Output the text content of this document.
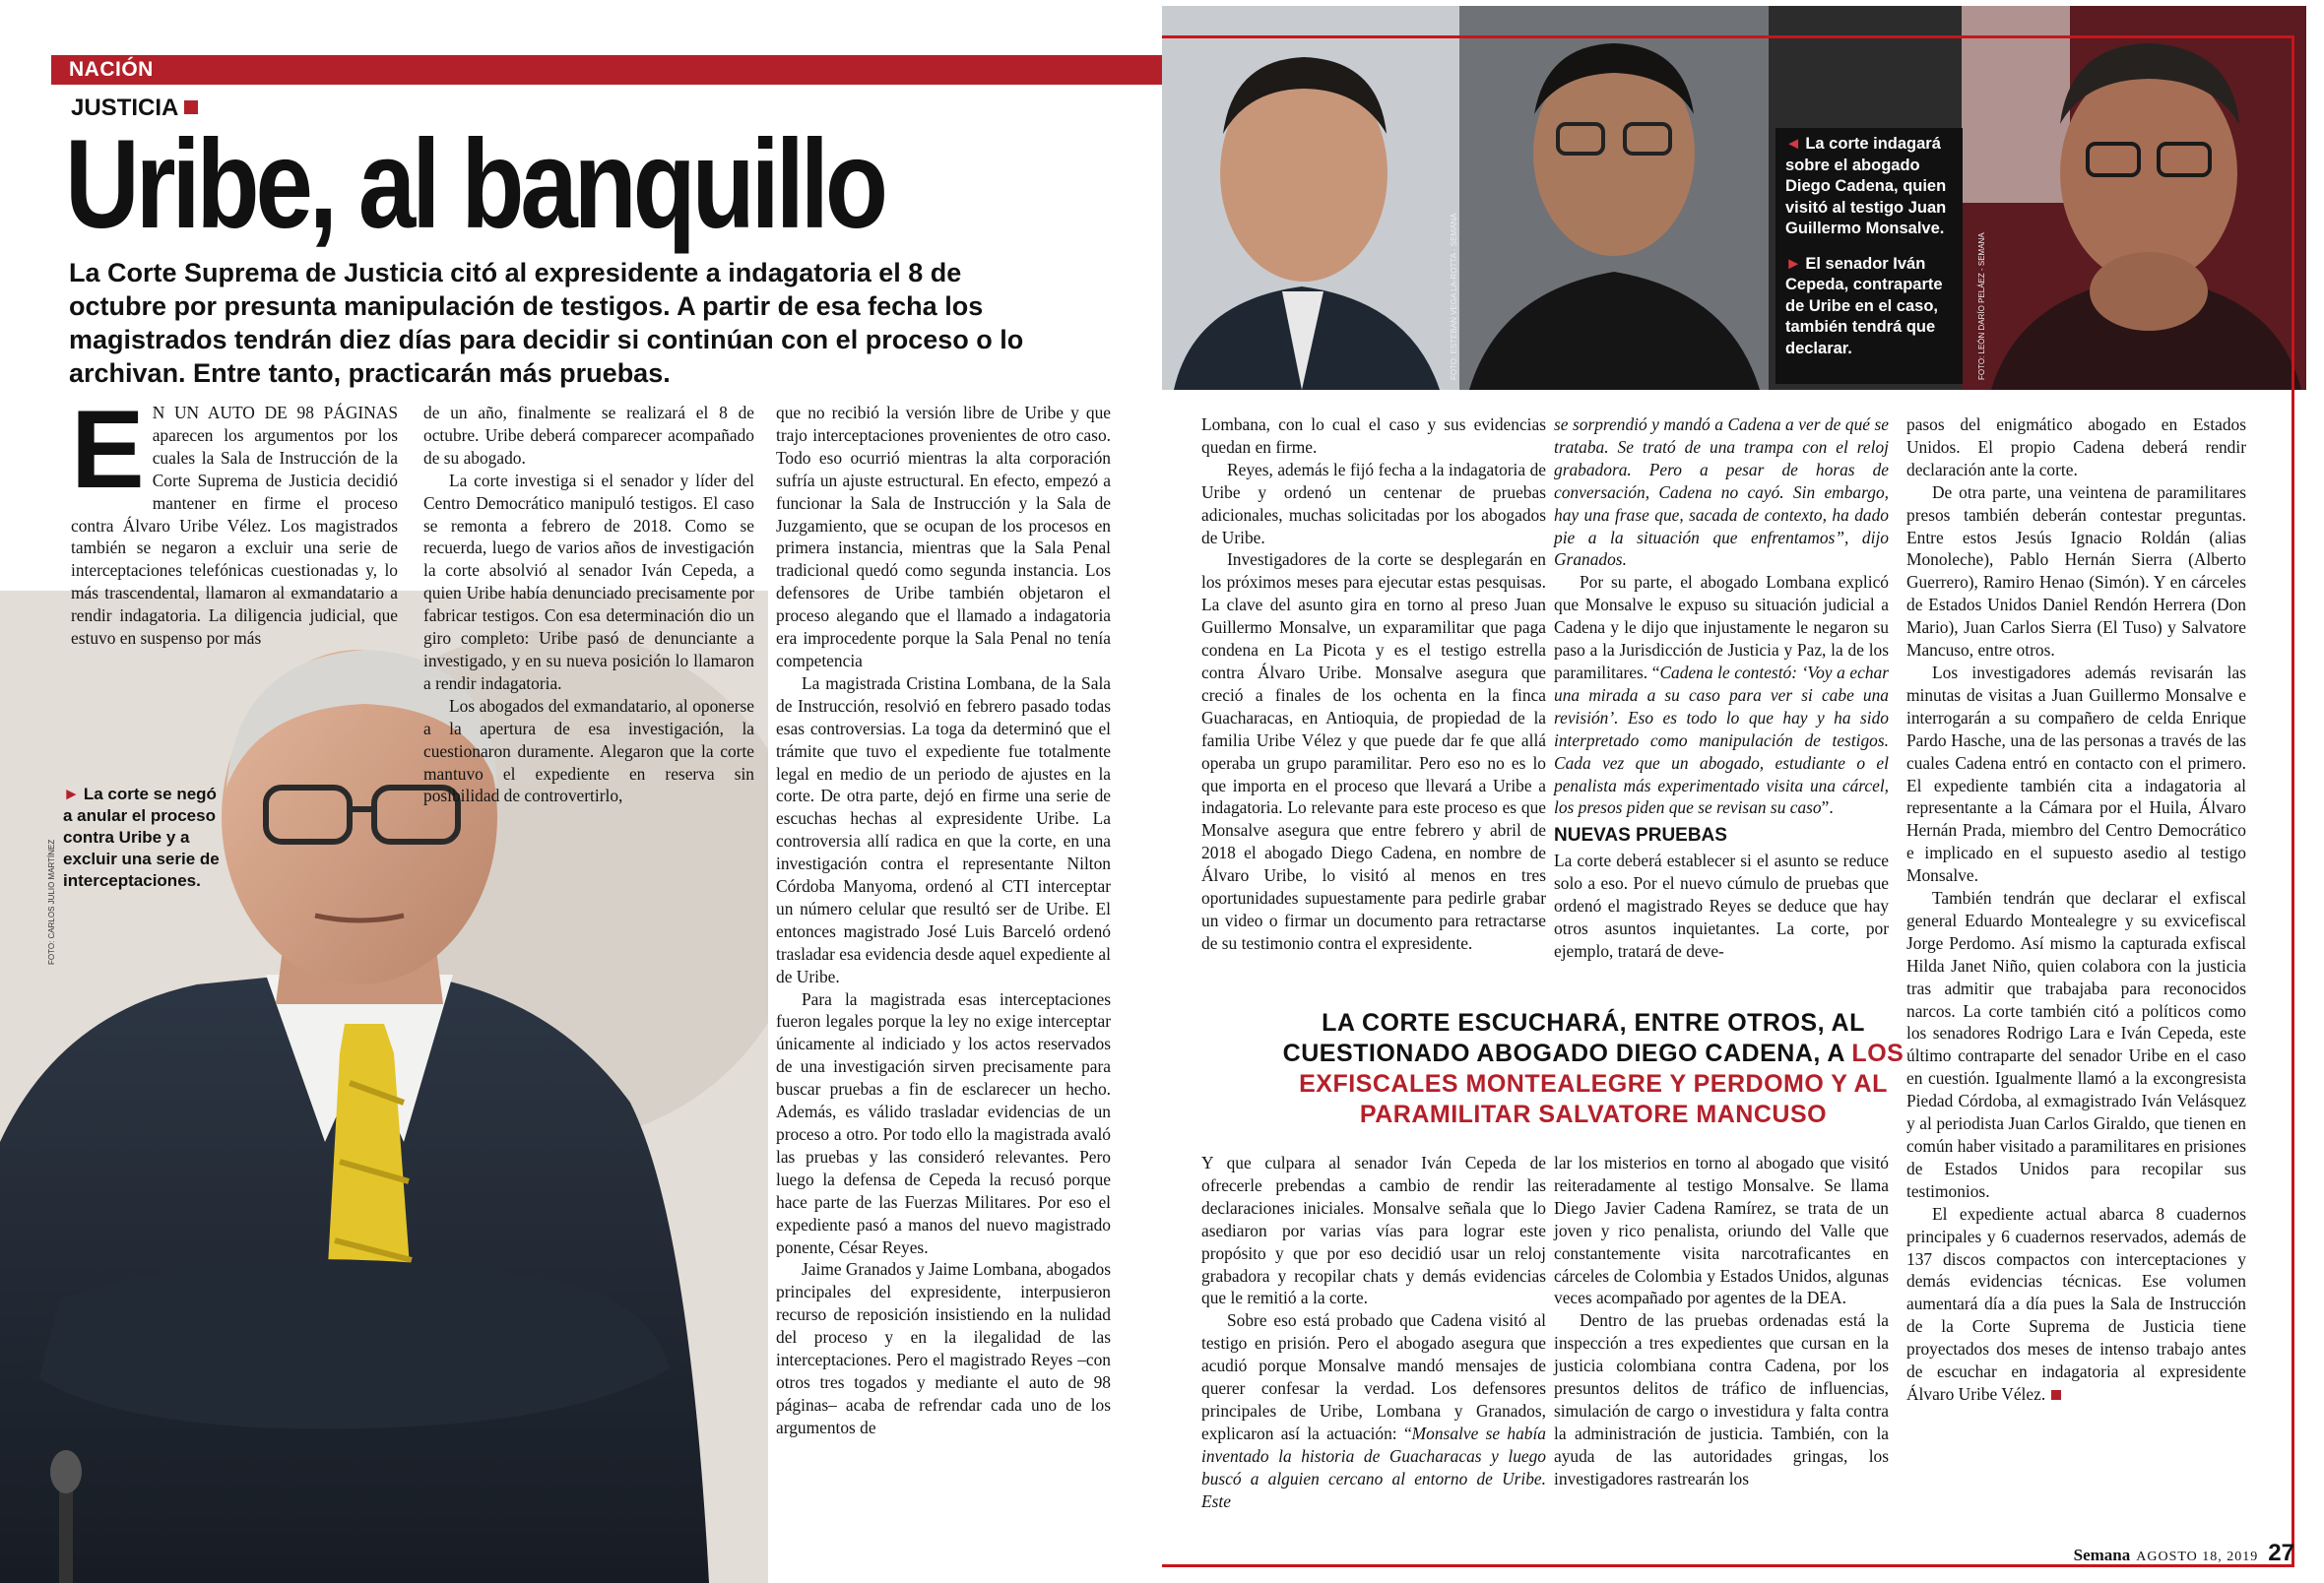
NACIÓN
JUSTICIA
Uribe, al banquillo
La Corte Suprema de Justicia citó al expresidente a indagatoria el 8 de octubre por presunta manipulación de testigos. A partir de esa fecha los magistrados tendrán diez días para decidir si continúan con el proceso o lo archivan. Entre tanto, practicarán más pruebas.
► La corte se negó a anular el proceso contra Uribe y a excluir una serie de interceptaciones.
FOTO: CARLOS JULIO MARTÍNEZ

E N UN AUTO DE 98 PÁGINAS aparecen los argumentos por los cuales la Sala de Instrucción de la Corte Suprema de Justicia decidió mantener en firme el proceso contra Álvaro Uribe Vélez. Los magistrados también se negaron a excluir una serie de interceptaciones telefónicas cuestionadas y, lo más trascendental, llamaron al exmandatario a rendir indagatoria. La diligencia judicial, que estuvo en suspenso por más

de un año, finalmente se realizará el 8 de octubre. Uribe deberá comparecer acompañado de su abogado.

La corte investiga si el senador y líder del Centro Democrático manipuló testigos. El caso se remonta a febrero de 2018. Como se recuerda, luego de varios años de investigación la corte absolvió al senador Iván Cepeda, a quien Uribe había denunciado precisamente por fabricar testigos. Con esa determinación dio un giro completo: Uribe pasó de denunciante a investigado, y en su nueva posición lo llamaron a rendir indagatoria.

Los abogados del exmandatario, al oponerse a la apertura de esa investigación, la cuestionaron duramente. Alegaron que la corte mantuvo el expediente en reserva sin posibilidad de controvertirlo,

que no recibió la versión libre de Uribe y que trajo interceptaciones provenientes de otro caso. Todo eso ocurrió mientras la alta corporación sufría un ajuste estructural. En efecto, empezó a funcionar la Sala de Instrucción y la Sala de Juzgamiento, que se ocupan de los procesos en primera instancia, mientras que la Sala Penal tradicional quedó como segunda instancia. Los defensores de Uribe también objetaron el proceso alegando que el llamado a indagatoria era improcedente porque la Sala Penal no tenía competencia

La magistrada Cristina Lombana, de la Sala de Instrucción, resolvió en febrero pasado todas esas controversias. La toga da determinó que el trámite que tuvo el expediente fue totalmente legal en medio de un periodo de ajustes en la corte. De otra parte, dejó en firme una serie de escuchas hechas al expresidente Uribe. La controversia allí radica en que la corte, en una investigación contra el representante Nilton Córdoba Manyoma, ordenó al CTI interceptar un número celular que resultó ser de Uribe. El entonces magistrado José Luis Barceló ordenó trasladar esa evidencia desde aquel expediente al de Uribe.

Para la magistrada esas interceptaciones fueron legales porque la ley no exige interceptar únicamente al indiciado y los actos reservados de una investigación sirven precisamente para buscar pruebas a fin de esclarecer un hecho. Además, es válido trasladar evidencias de un proceso a otro. Por todo ello la magistrada avaló las pruebas y las consideró relevantes. Pero luego la defensa de Cepeda la recusó porque hace parte de las Fuerzas Militares. Por eso el expediente pasó a manos del nuevo magistrado ponente, César Reyes.

Jaime Granados y Jaime Lombana, abogados principales del expresidente, interpusieron recurso de reposición insistiendo en la nulidad del proceso y en la ilegalidad de las interceptaciones. Pero el magistrado Reyes –con otros tres togados y mediante el auto de 98 páginas– acaba de refrendar cada uno de los argumentos de

◄ La corte indagará sobre el abogado Diego Cadena, quien visitó al testigo Juan Guillermo Monsalve.

► El senador Iván Cepeda, contraparte de Uribe en el caso, también tendrá que declarar.

FOTO: ESTEBAN VEGA LA-ROTTA - SEMANA	FOTO: LEÓN DARÍO PELÁEZ - SEMANA

Lombana, con lo cual el caso y sus evidencias quedan en firme.

Reyes, además le fijó fecha a la indagatoria de Uribe y ordenó un centenar de pruebas adicionales, muchas solicitadas por los abogados de Uribe.

Investigadores de la corte se desplegarán en los próximos meses para ejecutar estas pesquisas. La clave del asunto gira en torno al preso Juan Guillermo Monsalve, un exparamilitar que paga condena en La Picota y es el testigo estrella contra Álvaro Uribe. Monsalve asegura que creció a finales de los ochenta en la finca Guacharacas, en Antioquia, de propiedad de la familia Uribe Vélez y que puede dar fe que allá operaba un grupo paramilitar. Pero eso no es lo que importa en el proceso que llevará a Uribe a indagatoria. Lo relevante para este proceso es que Monsalve asegura que entre febrero y abril de 2018 el abogado Diego Cadena, en nombre de Álvaro Uribe, lo visitó al menos en tres oportunidades supuestamente para pedirle grabar un video o firmar un documento para retractarse de su testimonio contra el expresidente.

se sorprendió y mandó a Cadena a ver de qué se trataba. Se trató de una trampa con el reloj grabadora. Pero a pesar de horas de conversación, Cadena no cayó. Sin embargo, hay una frase que, sacada de contexto, ha dado pie a la situación que enfrentamos”, dijo Granados.

Por su parte, el abogado Lombana explicó que Monsalve le expuso su situación judicial a Cadena y le dijo que injustamente le negaron su paso a la Jurisdicción de Justicia y Paz, la de los paramilitares. “Cadena le contestó: ‘Voy a echar una mirada a su caso para ver si cabe una revisión’. Eso es todo lo que hay y ha sido interpretado como manipulación de testigos. Cada vez que un abogado, estudiante o el penalista más experimentado visita una cárcel, los presos piden que se revisan su caso”.

NUEVAS PRUEBAS

La corte deberá establecer si el asunto se reduce solo a eso. Por el nuevo cúmulo de pruebas que ordenó el magistrado Reyes se deduce que hay otros asuntos inquietantes. La corte, por ejemplo, tratará de deve-

LA CORTE ESCUCHARÁ, ENTRE OTROS, AL CUESTIONADO ABOGADO DIEGO CADENA, A LOS EXFISCALES MONTEALEGRE Y PERDOMO Y AL PARAMILITAR SALVATORE MANCUSO

Y que culpara al senador Iván Cepeda de ofrecerle prebendas a cambio de rendir las declaraciones iniciales. Monsalve señala que lo asediaron por varias vías para lograr este propósito y que por eso decidió usar un reloj grabadora y recopilar chats y demás evidencias que le remitió a la corte.

Sobre eso está probado que Cadena visitó al testigo en prisión. Pero el abogado asegura que acudió porque Monsalve mandó mensajes de querer confesar la verdad. Los defensores principales de Uribe, Lombana y Granados, explicaron así la actuación: “Monsalve se había inventado la historia de Guacharacas y luego buscó a alguien cercano al entorno de Uribe. Este

lar los misterios en torno al abogado que visitó reiteradamente al testigo Monsalve. Se llama Diego Javier Cadena Ramírez, se trata de un joven y rico penalista, oriundo del Valle que constantemente visita narcotraficantes en cárceles de Colombia y Estados Unidos, algunas veces acompañado por agentes de la DEA.

Dentro de las pruebas ordenadas está la inspección a tres expedientes que cursan en la justicia colombiana contra Cadena, por los presuntos delitos de tráfico de influencias, simulación de cargo o investidura y falta contra la administración de justicia. También, con la ayuda de las autoridades gringas, los investigadores rastrearán los

pasos del enigmático abogado en Estados Unidos. El propio Cadena deberá rendir declaración ante la corte.

De otra parte, una veintena de paramilitares presos también deberán contestar preguntas. Entre estos Jesús Ignacio Roldán (alias Monoleche), Pablo Hernán Sierra (Alberto Guerrero), Ramiro Henao (Simón). Y en cárceles de Estados Unidos Daniel Rendón Herrera (Don Mario), Juan Carlos Sierra (El Tuso) y Salvatore Mancuso, entre otros.

Los investigadores además revisarán las minutas de visitas a Juan Guillermo Monsalve e interrogarán a su compañero de celda Enrique Pardo Hasche, una de las personas a través de las cuales Cadena entró en contacto con el primero. El expediente también cita a indagatoria al representante a la Cámara por el Huila, Álvaro Hernán Prada, miembro del Centro Democrático e implicado en el supuesto asedio al testigo Monsalve.

También tendrán que declarar el exfiscal general Eduardo Montealegre y su exvicefiscal Jorge Perdomo. Así mismo la capturada exfiscal Hilda Janet Niño, quien colabora con la justicia tras admitir que trabajaba para reconocidos narcos. La corte también citó a políticos como los senadores Rodrigo Lara e Iván Cepeda, este último contraparte del senador Uribe en el caso en cuestión. Igualmente llamó a la excongresista Piedad Córdoba, al exmagistrado Iván Velásquez y al periodista Juan Carlos Giraldo, que tienen en común haber visitado a paramilitares en prisiones de Estados Unidos para recopilar sus testimonios.

El expediente actual abarca 8 cuadernos principales y 6 cuadernos reservados, además de 137 discos compactos con interceptaciones y demás evidencias técnicas. Ese volumen aumentará día a día pues la Sala de Instrucción de la Corte Suprema de Justicia tiene proyectados dos meses de intenso trabajo antes de escuchar en indagatoria al expresidente Álvaro Uribe Vélez.

Semana AGOSTO 18, 2019 27
